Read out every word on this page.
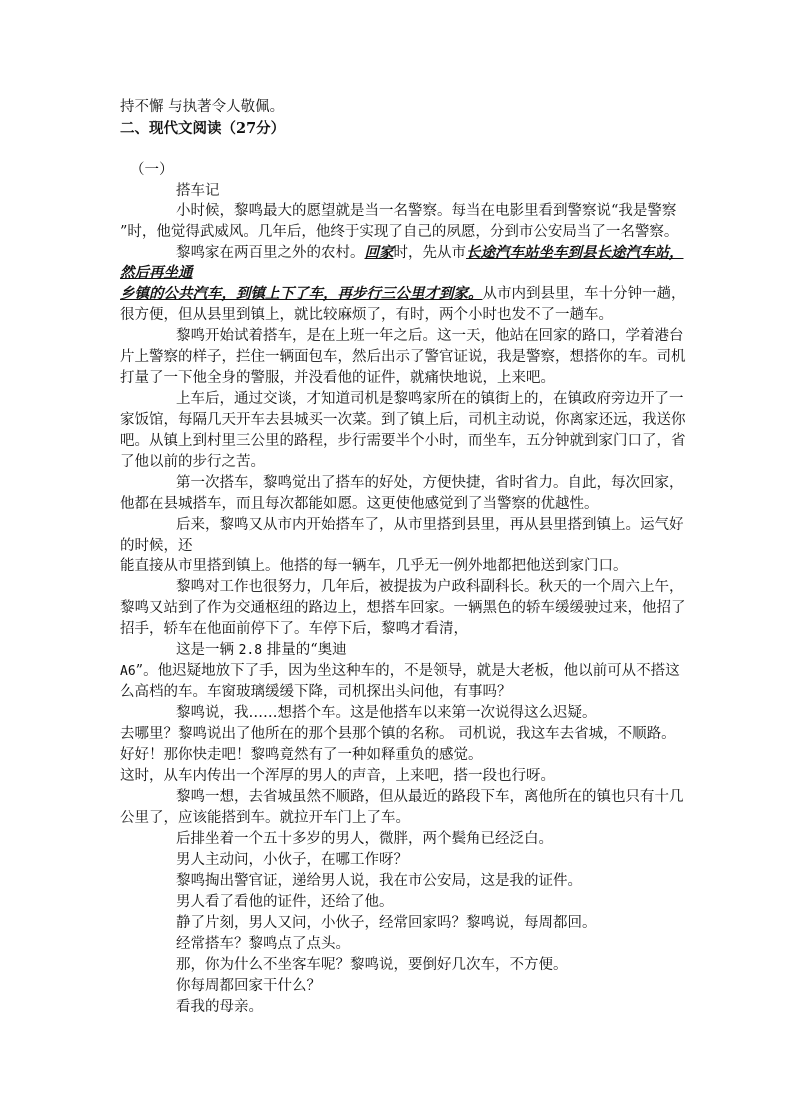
持不懈 与执著令人敬佩。
二、现代文阅读（27分）
（一）
搭车记
小时候，黎鸣最大的愿望就是当一名警察。每当在电影里看到警察说“我是警察
”时，他觉得武威风。几年后，他终于实现了自己的夙愿，分到市公安局当了一名警察。
黎鸣家在两百里之外的农村。回家时，先从市长途汽车站坐车到县长途汽车站，
然后再坐通
乡镇的公共汽车，到镇上下了车，再步行三公里才到家。从市内到县里，车十分钟一趟，
很方便，但从县里到镇上，就比较麻烦了，有时，两个小时也发不了一趟车。
黎鸣开始试着搭车，是在上班一年之后。这一天，他站在回家的路口，学着港台
片上警察的样子，拦住一辆面包车，然后出示了警官证说，我是警察，想搭你的车。司机
打量了一下他全身的警服，并没看他的证件，就痛快地说，上来吧。
上车后，通过交谈，才知道司机是黎鸣家所在的镇街上的，在镇政府旁边开了一
家饭馆，每隔几天开车去县城买一次菜。到了镇上后，司机主动说，你离家还远，我送你
吧。从镇上到村里三公里的路程，步行需要半个小时，而坐车，五分钟就到家门口了，省
了他以前的步行之苦。
第一次搭车，黎鸣觉出了搭车的好处，方便快捷，省时省力。自此，每次回家，
他都在县城搭车，而且每次都能如愿。这更使他感觉到了当警察的优越性。
后来，黎鸣又从市内开始搭车了，从市里搭到县里，再从县里搭到镇上。运气好
的时候，还
能直接从市里搭到镇上。他搭的每一辆车，几乎无一例外地都把他送到家门口。
黎鸣对工作也很努力，几年后，被提拔为户政科副科长。秋天的一个周六上午，
黎鸣又站到了作为交通枢纽的路边上，想搭车回家。一辆黑色的轿车缓缓驶过来，他招了
招手，轿车在他面前停下了。车停下后，黎鸣才看清，
这是一辆 2.8 排量的“奥迪
A6”。他迟疑地放下了手，因为坐这种车的，不是领导，就是大老板，他以前可从不搭这
么高档的车。车窗玻璃缓缓下降，司机探出头问他，有事吗？
黎鸣说，我……想搭个车。这是他搭车以来第一次说得这么迟疑。
去哪里？黎鸣说出了他所在的那个县那个镇的名称。 司机说，我这车去省城，不顺路。
好好！那你快走吧！黎鸣竟然有了一种如释重负的感觉。
这时，从车内传出一个浑厚的男人的声音，上来吧，搭一段也行呀。
黎鸣一想，去省城虽然不顺路，但从最近的路段下车，离他所在的镇也只有十几
公里了，应该能搭到车。就拉开车门上了车。
后排坐着一个五十多岁的男人，微胖，两个鬓角已经泛白。
男人主动问，小伙子，在哪工作呀？
黎鸣掏出警官证，递给男人说，我在市公安局，这是我的证件。
男人看了看他的证件，还给了他。
静了片刻，男人又问，小伙子，经常回家吗？黎鸣说，每周都回。
经常搭车？黎鸣点了点头。
那，你为什么不坐客车呢？黎鸣说，要倒好几次车，不方便。
你每周都回家干什么？
看我的母亲。
